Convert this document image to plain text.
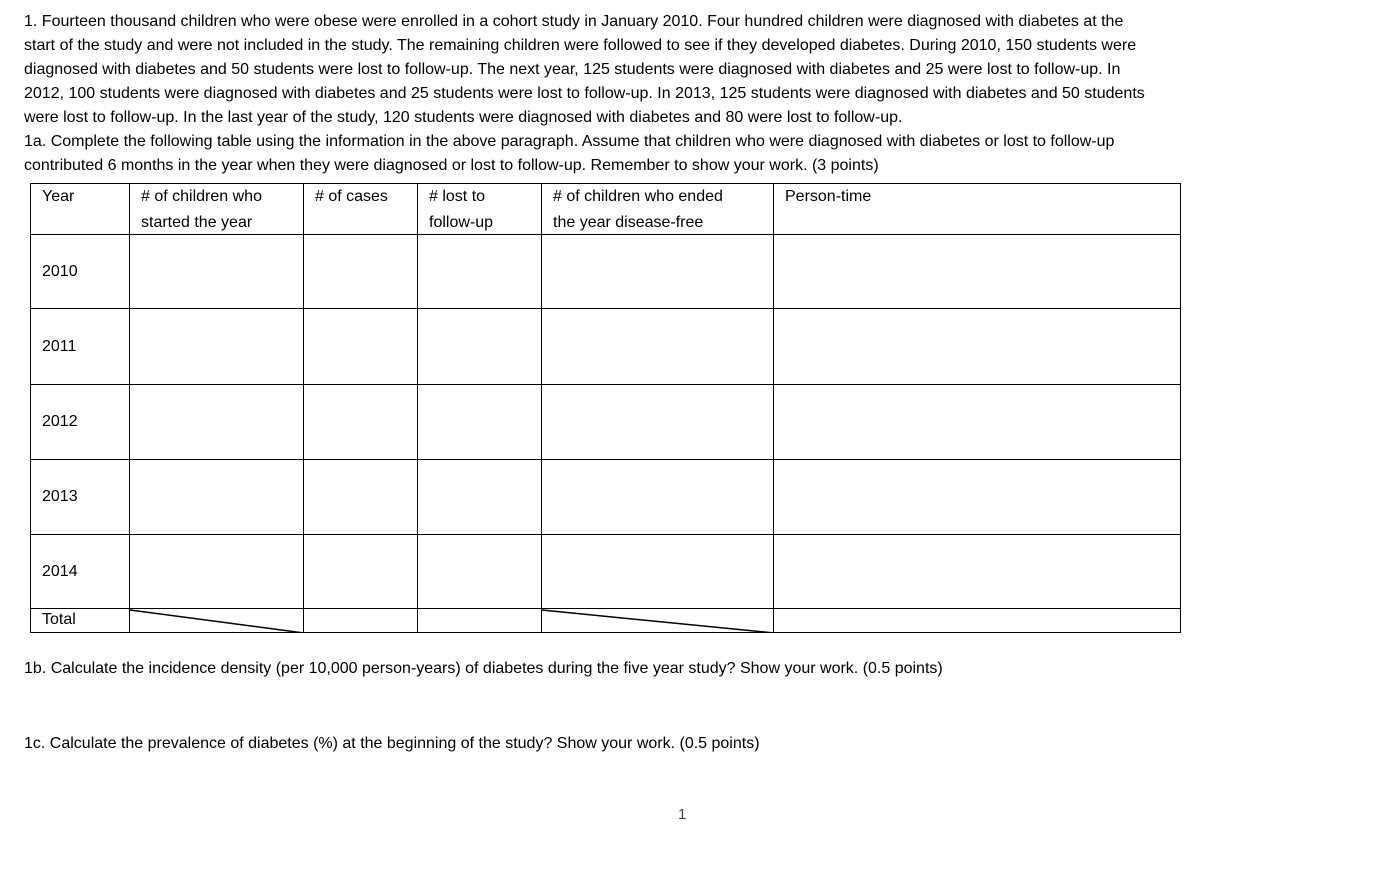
1. Fourteen thousand children who were obese were enrolled in a cohort study in January 2010. Four hundred children were diagnosed with diabetes at the
start of the study and were not included in the study. The remaining children were followed to see if they developed diabetes. During 2010, 150 students were
diagnosed with diabetes and 50 students were lost to follow-up. The next year, 125 students were diagnosed with diabetes and 25 were lost to follow-up. In
2012, 100 students were diagnosed with diabetes and 25 students were lost to follow-up. In 2013, 125 students were diagnosed with diabetes and 50 students
were lost to follow-up. In the last year of the study, 120 students were diagnosed with diabetes and 80 were lost to follow-up.
1a. Complete the following table using the information in the above paragraph. Assume that children who were diagnosed with diabetes or lost to follow-up
contributed 6 months in the year when they were diagnosed or lost to follow-up. Remember to show your work. (3 points)
Year	# of children who
started the year
# of cases	# lost to
follow-up
# of children who ended
the year disease-free
Person-time
2010
2011
2012
2013
2014
Total
1b. Calculate the incidence density (per 10,000 person-years) of diabetes during the five year study? Show your work. (0.5 points)
1c. Calculate the prevalence of diabetes (%) at the beginning of the study? Show your work. (0.5 points)
1
